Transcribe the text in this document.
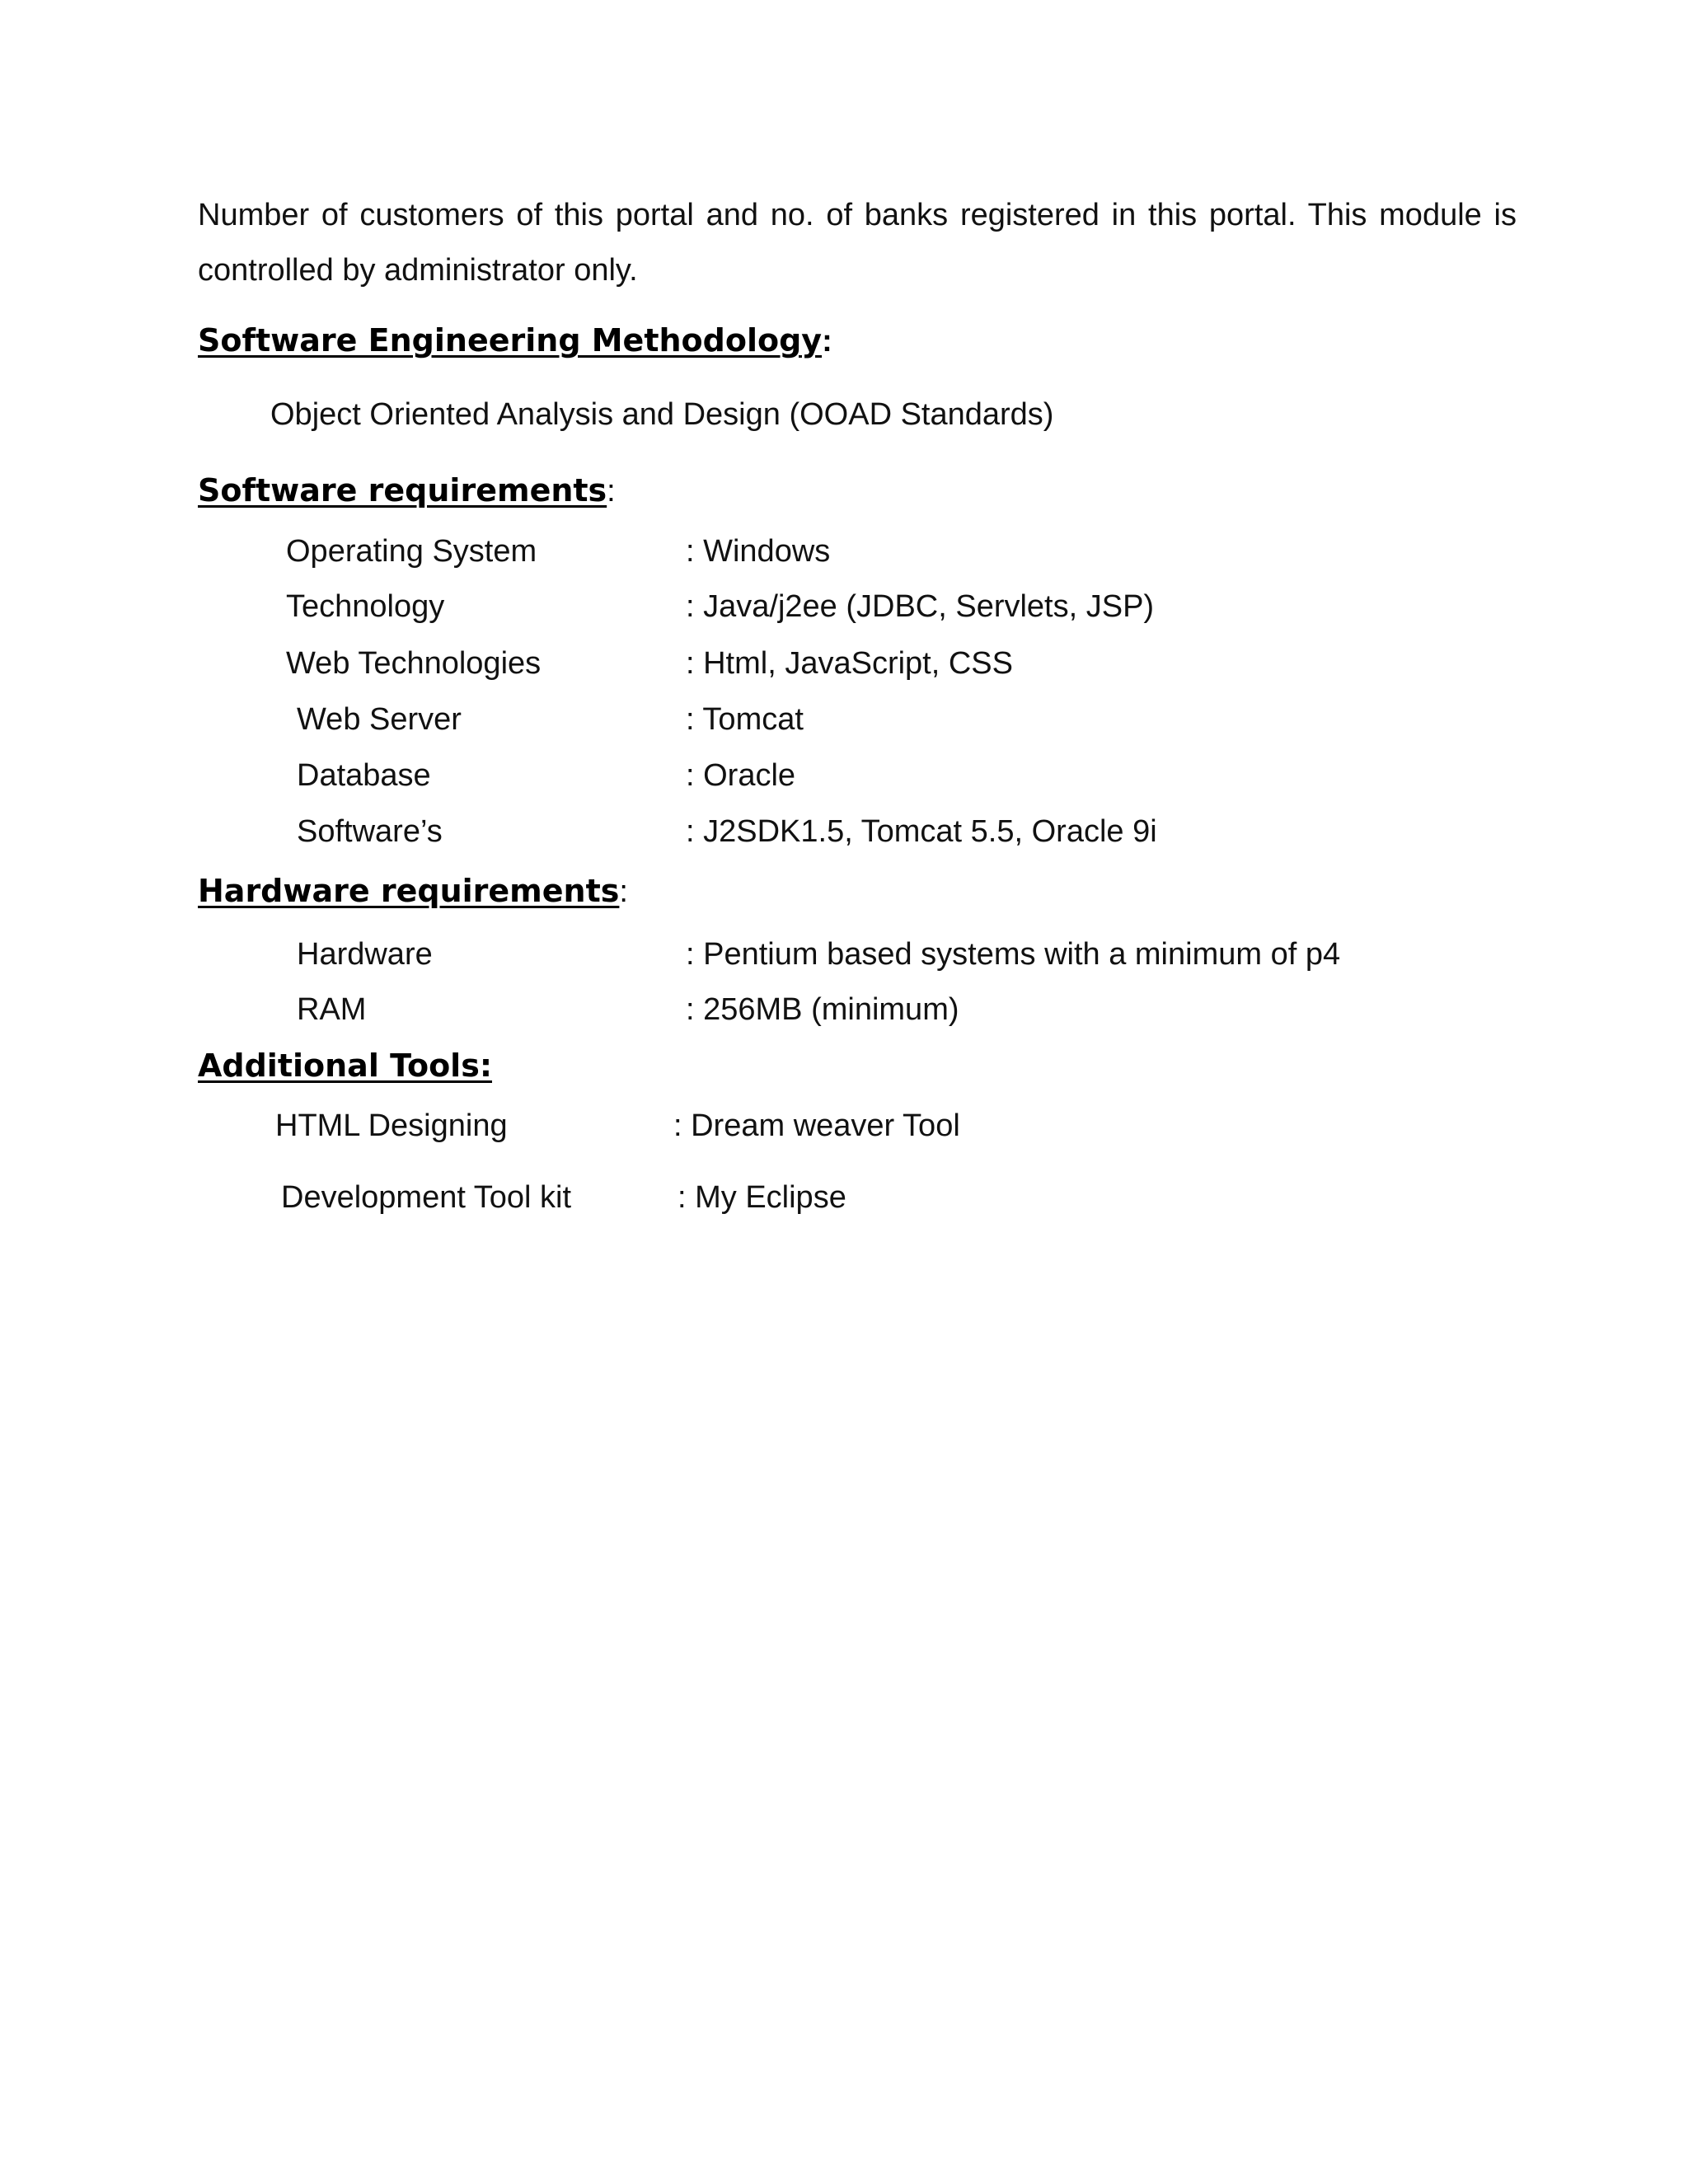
Number of customers of this portal and no. of banks registered in this portal. This module is
controlled by administrator only.
Software Engineering Methodology:
Object Oriented Analysis and Design (OOAD Standards)
Software requirements:
Operating System	: Windows
Technology	: Java/j2ee (JDBC, Servlets, JSP)
Web Technologies	: Html, JavaScript, CSS
Web Server	: Tomcat
Database	: Oracle
Software’s	: J2SDK1.5, Tomcat 5.5, Oracle 9i
Hardware requirements:
Hardware	: Pentium based systems with a minimum of p4
RAM	: 256MB (minimum)
Additional Tools:
HTML Designing	: Dream weaver Tool
Development Tool kit	: My Eclipse
